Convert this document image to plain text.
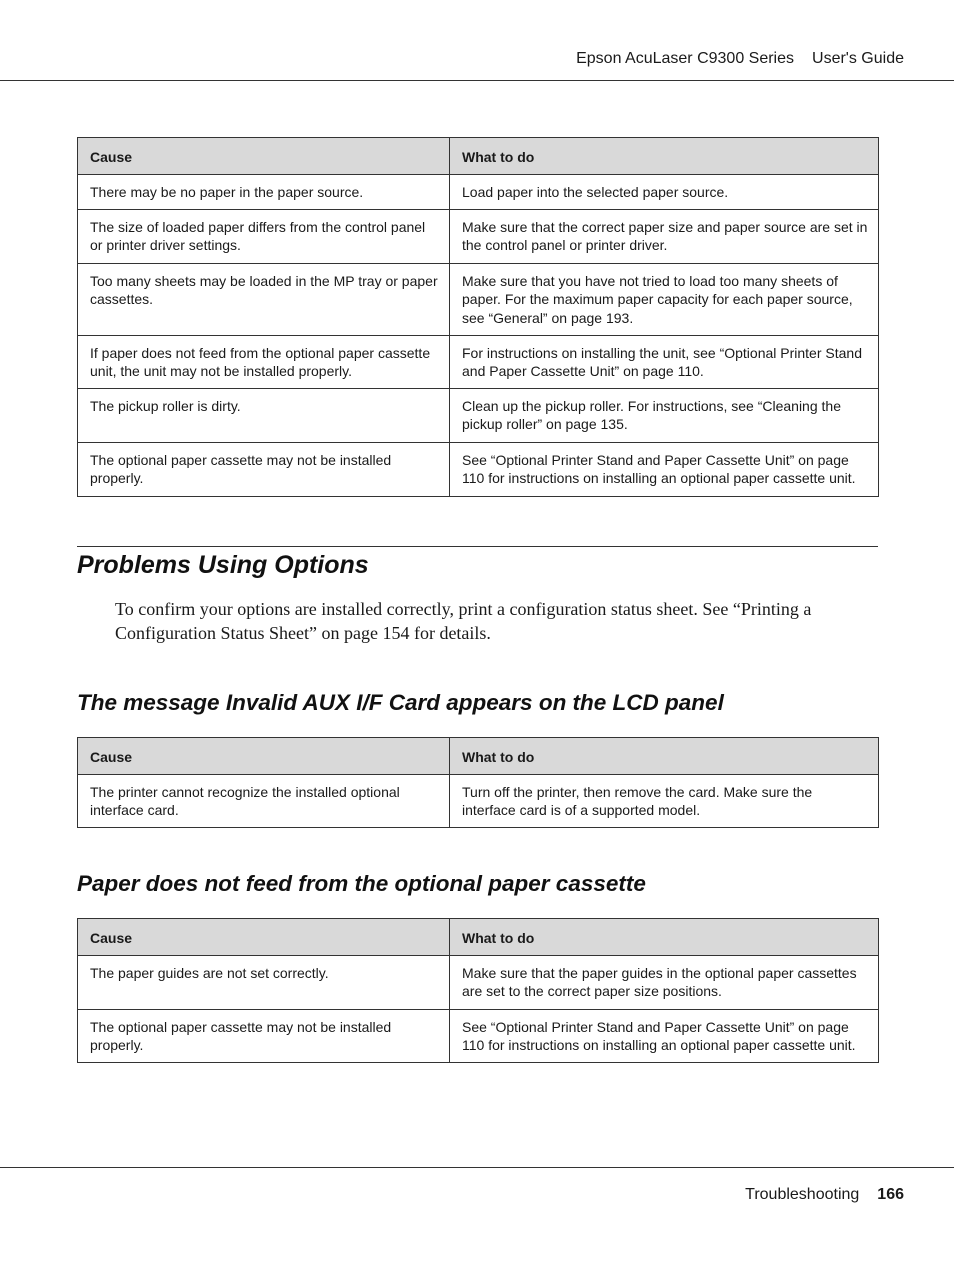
Epson AcuLaser C9300 Series User's Guide
Cause	What to do
There may be no paper in the paper source.	Load paper into the selected paper source.
The size of loaded paper differs from the control panel or printer driver settings.	Make sure that the correct paper size and paper source are set in the control panel or printer driver.
Too many sheets may be loaded in the MP tray or paper cassettes.	Make sure that you have not tried to load too many sheets of paper. For the maximum paper capacity for each paper source, see “General” on page 193.
If paper does not feed from the optional paper cassette unit, the unit may not be installed properly.	For instructions on installing the unit, see “Optional Printer Stand and Paper Cassette Unit” on page 110.
The pickup roller is dirty.	Clean up the pickup roller. For instructions, see “Cleaning the pickup roller” on page 135.
The optional paper cassette may not be installed properly.	See “Optional Printer Stand and Paper Cassette Unit” on page 110 for instructions on installing an optional paper cassette unit.
Problems Using Options
To confirm your options are installed correctly, print a configuration status sheet. See “Printing a Configuration Status Sheet” on page 154 for details.
The message Invalid AUX I/F Card appears on the LCD panel
Cause	What to do
The printer cannot recognize the installed optional interface card.	Turn off the printer, then remove the card. Make sure the interface card is of a supported model.
Paper does not feed from the optional paper cassette
Cause	What to do
The paper guides are not set correctly.	Make sure that the paper guides in the optional paper cassettes are set to the correct paper size positions.
The optional paper cassette may not be installed properly.	See “Optional Printer Stand and Paper Cassette Unit” on page 110 for instructions on installing an optional paper cassette unit.
Troubleshooting 166
